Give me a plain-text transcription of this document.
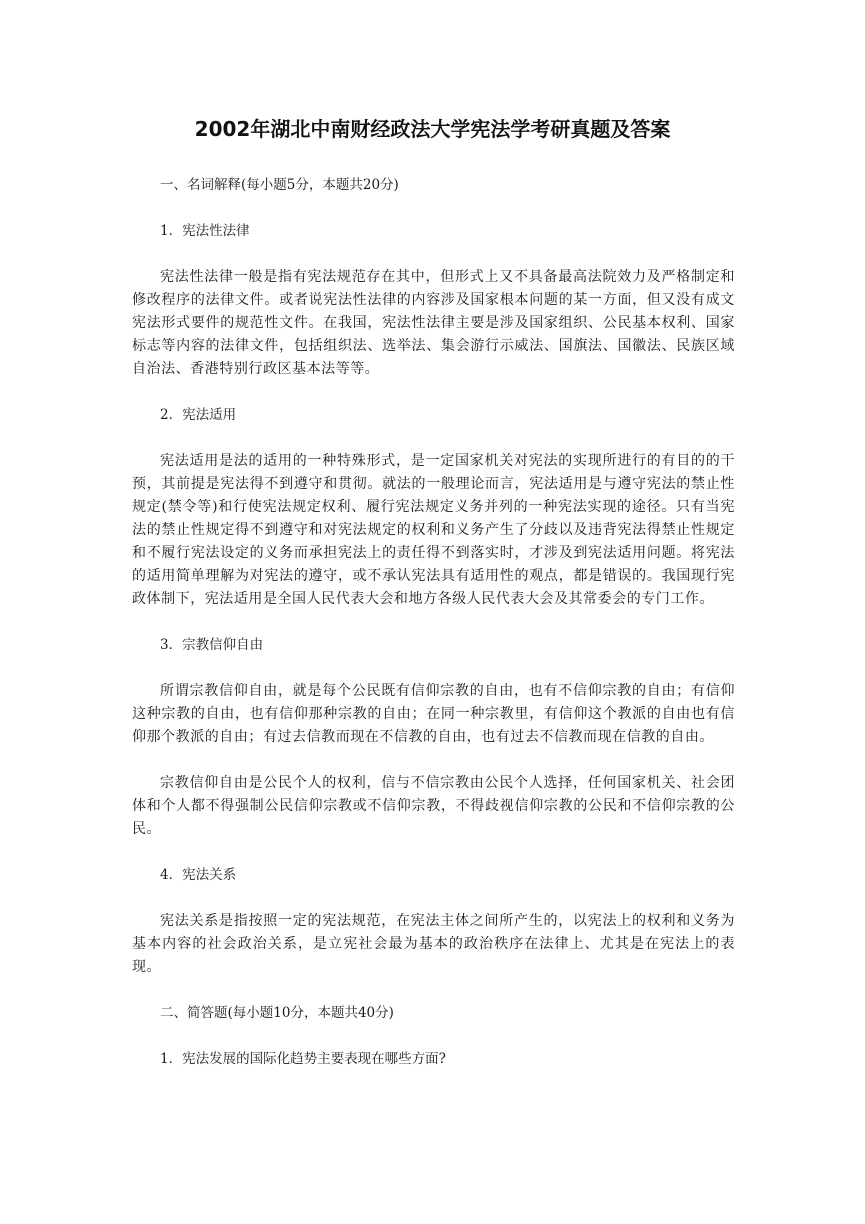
2002年湖北中南财经政法大学宪法学考研真题及答案

一、名词解释(每小题5分，本题共20分)

1．宪法性法律

宪法性法律一般是指有宪法规范存在其中，但形式上又不具备最高法院效力及严格制定和修改程序的法律文件。或者说宪法性法律的内容涉及国家根本问题的某一方面，但又没有成文宪法形式要件的规范性文件。在我国，宪法性法律主要是涉及国家组织、公民基本权利、国家标志等内容的法律文件，包括组织法、选举法、集会游行示威法、国旗法、国徽法、民族区域自治法、香港特别行政区基本法等等。

2．宪法适用

宪法适用是法的适用的一种特殊形式，是一定国家机关对宪法的实现所进行的有目的的干预，其前提是宪法得不到遵守和贯彻。就法的一般理论而言，宪法适用是与遵守宪法的禁止性规定(禁令等)和行使宪法规定权利、履行宪法规定义务并列的一种宪法实现的途径。只有当宪法的禁止性规定得不到遵守和对宪法规定的权利和义务产生了分歧以及违背宪法得禁止性规定和不履行宪法设定的义务而承担宪法上的责任得不到落实时，才涉及到宪法适用问题。将宪法的适用简单理解为对宪法的遵守，或不承认宪法具有适用性的观点，都是错误的。我国现行宪政体制下，宪法适用是全国人民代表大会和地方各级人民代表大会及其常委会的专门工作。

3．宗教信仰自由

所谓宗教信仰自由，就是每个公民既有信仰宗教的自由，也有不信仰宗教的自由；有信仰这种宗教的自由，也有信仰那种宗教的自由；在同一种宗教里，有信仰这个教派的自由也有信仰那个教派的自由；有过去信教而现在不信教的自由，也有过去不信教而现在信教的自由。

宗教信仰自由是公民个人的权利，信与不信宗教由公民个人选择，任何国家机关、社会团体和个人都不得强制公民信仰宗教或不信仰宗教，不得歧视信仰宗教的公民和不信仰宗教的公民。

4．宪法关系

宪法关系是指按照一定的宪法规范，在宪法主体之间所产生的，以宪法上的权利和义务为基本内容的社会政治关系，是立宪社会最为基本的政治秩序在法律上、尤其是在宪法上的表现。

二、简答题(每小题10分，本题共40分)

1．宪法发展的国际化趋势主要表现在哪些方面?
